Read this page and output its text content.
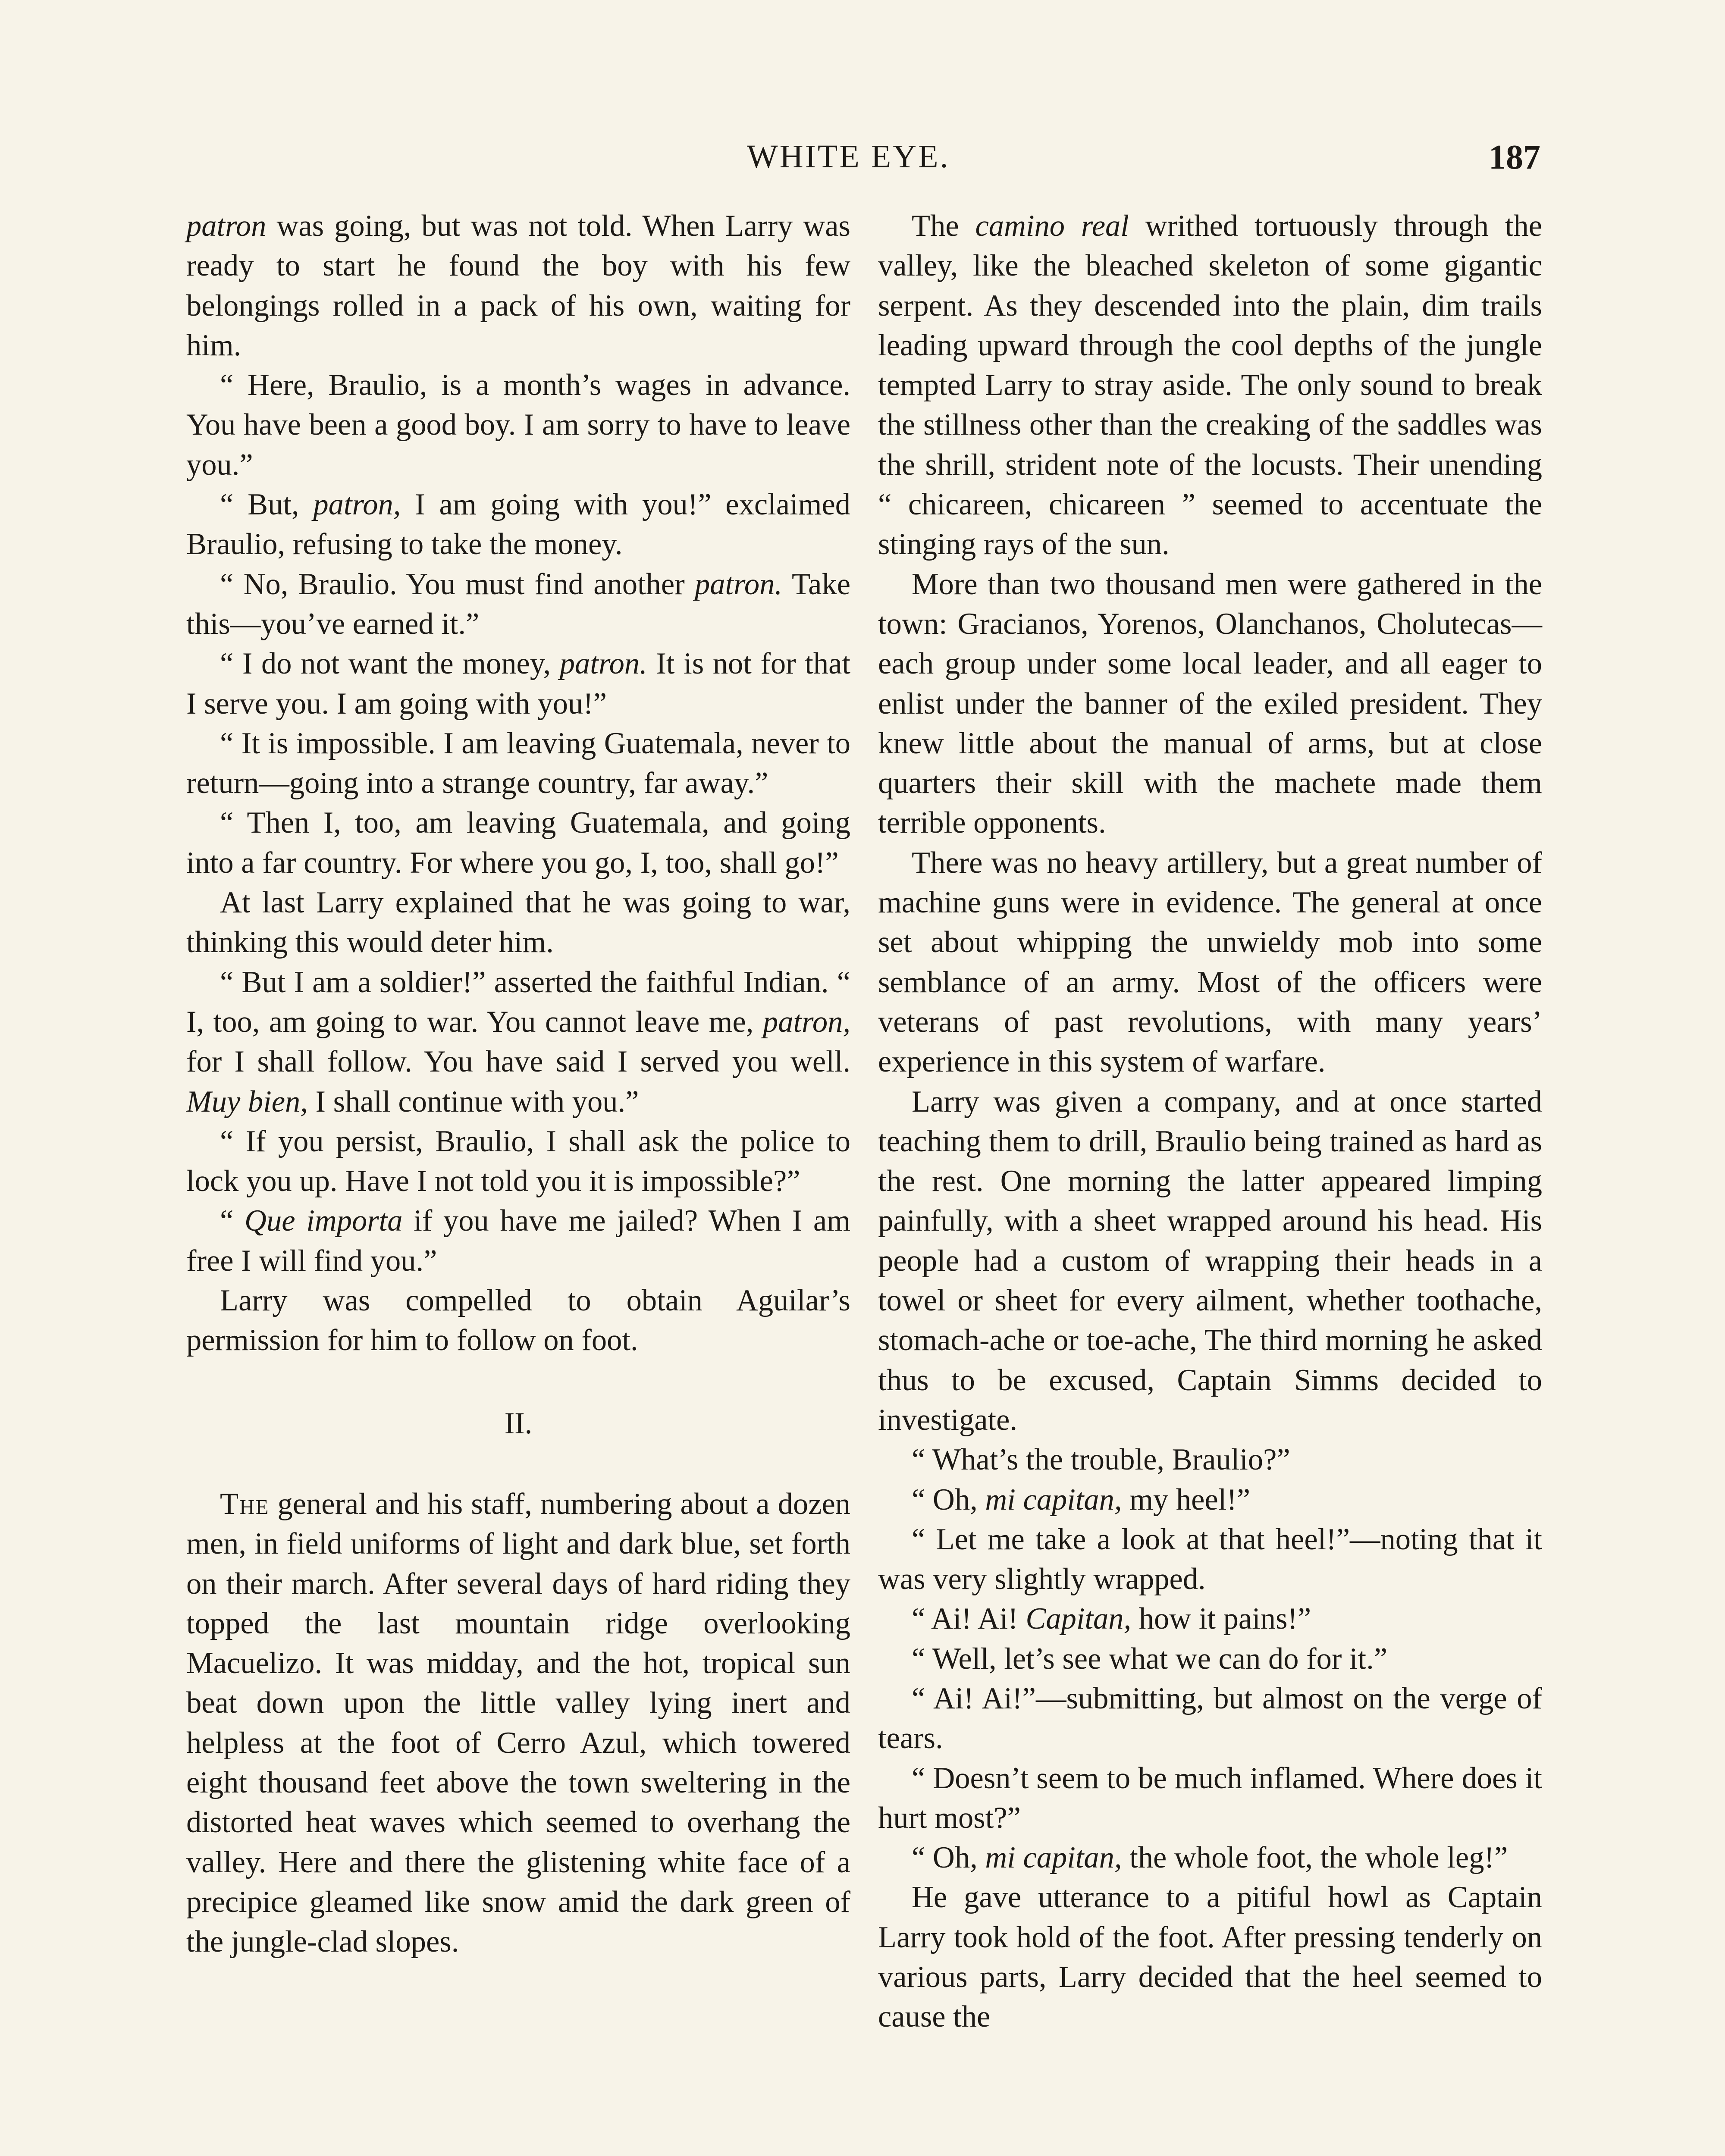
WHITE EYE.	187

patron was going, but was not told. When Larry was ready to start he found the boy with his few belongings rolled in a pack of his own, waiting for him.

“ Here, Braulio, is a month’s wages in advance. You have been a good boy. I am sorry to have to leave you.”

“ But, patron, I am going with you!” exclaimed Braulio, refusing to take the money.

“ No, Braulio. You must find another patron. Take this—you’ve earned it.”

“ I do not want the money, patron. It is not for that I serve you. I am going with you!”

“ It is impossible. I am leaving Guatemala, never to return—going into a strange country, far away.”

“ Then I, too, am leaving Guatemala, and going into a far country. For where you go, I, too, shall go!”

At last Larry explained that he was going to war, thinking this would deter him.

“ But I am a soldier!” asserted the faithful Indian. “ I, too, am going to war. You cannot leave me, patron, for I shall follow. You have said I served you well. Muy bien, I shall continue with you.”

“ If you persist, Braulio, I shall ask the police to lock you up. Have I not told you it is impossible?”

“ Que importa if you have me jailed? When I am free I will find you.”

Larry was compelled to obtain Aguilar’s permission for him to follow on foot.

II.

The general and his staff, numbering about a dozen men, in field uniforms of light and dark blue, set forth on their march. After several days of hard riding they topped the last mountain ridge overlooking Macuelizo. It was midday, and the hot, tropical sun beat down upon the little valley lying inert and helpless at the foot of Cerro Azul, which towered eight thousand feet above the town sweltering in the distorted heat waves which seemed to overhang the valley. Here and there the glistening white face of a precipice gleamed like snow amid the dark green of the jungle-clad slopes.

The camino real writhed tortuously through the valley, like the bleached skeleton of some gigantic serpent. As they descended into the plain, dim trails leading upward through the cool depths of the jungle tempted Larry to stray aside. The only sound to break the stillness other than the creaking of the saddles was the shrill, strident note of the locusts. Their unending “ chicareen, chicareen ” seemed to accentuate the stinging rays of the sun.

More than two thousand men were gathered in the town: Gracianos, Yorenos, Olanchanos, Cholutecas—each group under some local leader, and all eager to enlist under the banner of the exiled president. They knew little about the manual of arms, but at close quarters their skill with the machete made them terrible opponents.

There was no heavy artillery, but a great number of machine guns were in evidence. The general at once set about whipping the unwieldy mob into some semblance of an army. Most of the officers were veterans of past revolutions, with many years’ experience in this system of warfare.

Larry was given a company, and at once started teaching them to drill, Braulio being trained as hard as the rest. One morning the latter appeared limping painfully, with a sheet wrapped around his head. His people had a custom of wrapping their heads in a towel or sheet for every ailment, whether toothache, stomach-ache or toe-ache, The third morning he asked thus to be excused, Captain Simms decided to investigate.

“ What’s the trouble, Braulio?”

“ Oh, mi capitan, my heel!”

“ Let me take a look at that heel!”—noting that it was very slightly wrapped.

“ Ai! Ai! Capitan, how it pains!”

“ Well, let’s see what we can do for it.”

“ Ai! Ai!”—submitting, but almost on the verge of tears.

“ Doesn’t seem to be much inflamed. Where does it hurt most?”

“ Oh, mi capitan, the whole foot, the whole leg!”

He gave utterance to a pitiful howl as Captain Larry took hold of the foot. After pressing tenderly on various parts, Larry decided that the heel seemed to cause the
